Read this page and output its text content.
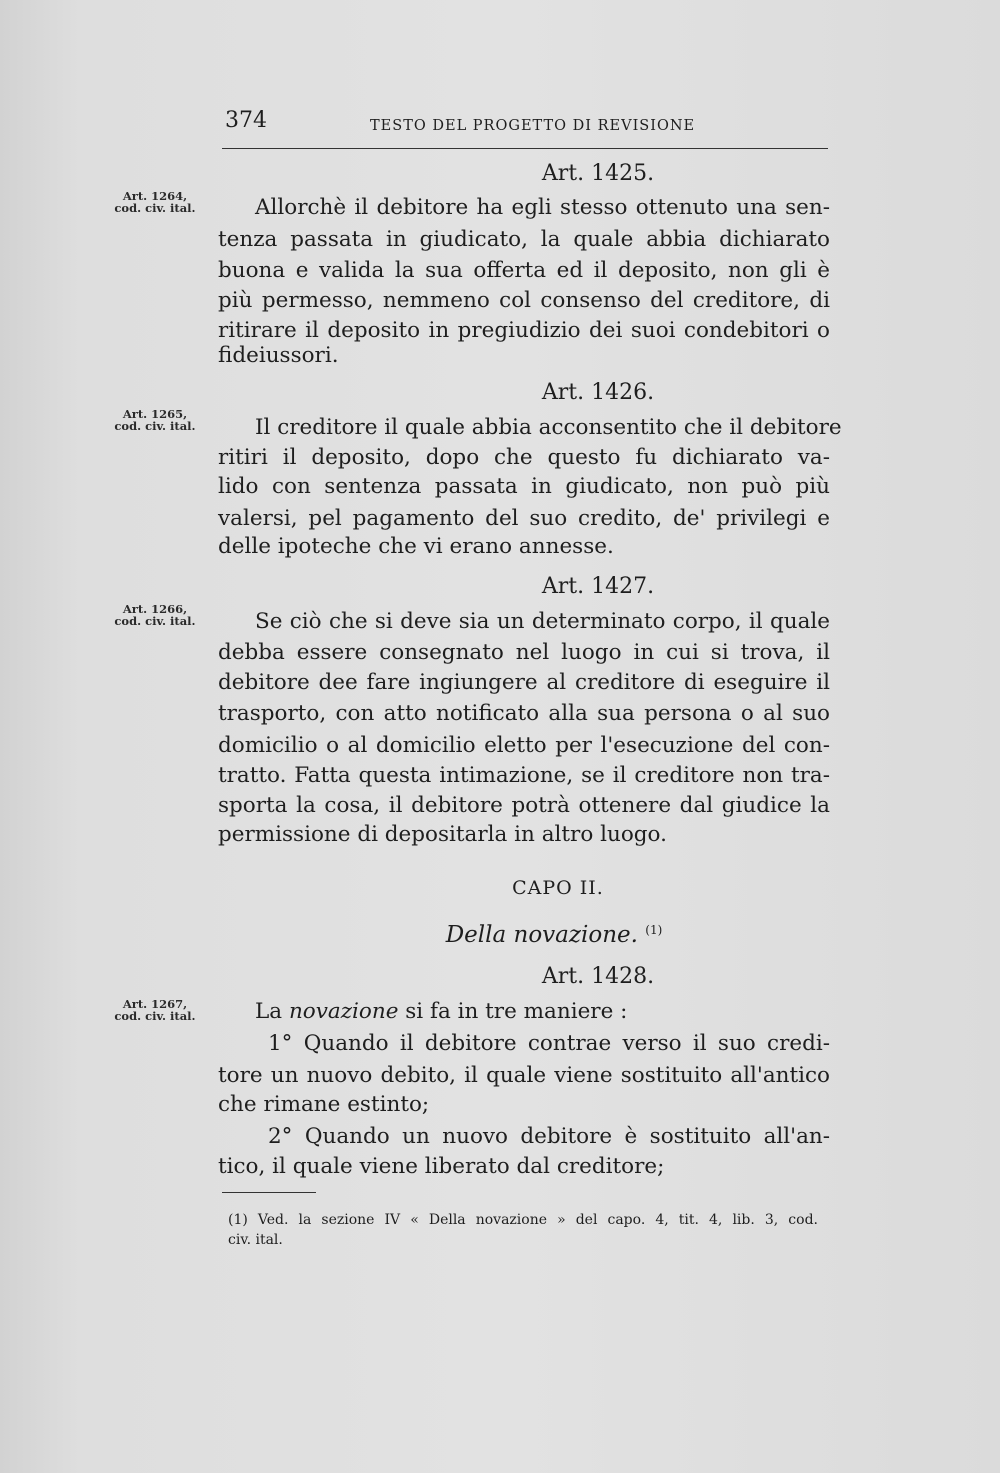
374	TESTO DEL PROGETTO DI REVISIONE
Art. 1264,
cod. civ. ital.
Art. 1265,
cod. civ. ital.
Art. 1266,
cod. civ. ital.
Art. 1267,
cod. civ. ital.
Art. 1425.
Allorchè il debitore ha egli stesso ottenuto una sen-
tenza passata in giudicato, la quale abbia dichiarato
buona e valida la sua offerta ed il deposito, non gli è
più permesso, nemmeno col consenso del creditore, di
ritirare il deposito in pregiudizio dei suoi condebitori o
fideiussori.
Art. 1426.
Il creditore il quale abbia acconsentito che il debitore
ritiri il deposito, dopo che questo fu dichiarato va-
lido con sentenza passata in giudicato, non può più
valersi, pel pagamento del suo credito, de' privilegi e
delle ipoteche che vi erano annesse.
Art. 1427.
Se ciò che si deve sia un determinato corpo, il quale
debba essere consegnato nel luogo in cui si trova, il
debitore dee fare ingiungere al creditore di eseguire il
trasporto, con atto notificato alla sua persona o al suo
domicilio o al domicilio eletto per l'esecuzione del con-
tratto. Fatta questa intimazione, se il creditore non tra-
sporta la cosa, il debitore potrà ottenere dal giudice la
permissione di depositarla in altro luogo.
CAPO II.
Della novazione. $^{(1)}$
Art. 1428.
La novazione si fa in tre maniere :
1° Quando il debitore contrae verso il suo credi-
tore un nuovo debito, il quale viene sostituito all'antico
che rimane estinto;
2° Quando un nuovo debitore è sostituito all'an-
tico, il quale viene liberato dal creditore;
(1) Ved. la sezione IV « Della novazione » del capo. 4, tit. 4, lib. 3, cod.
civ. ital.
